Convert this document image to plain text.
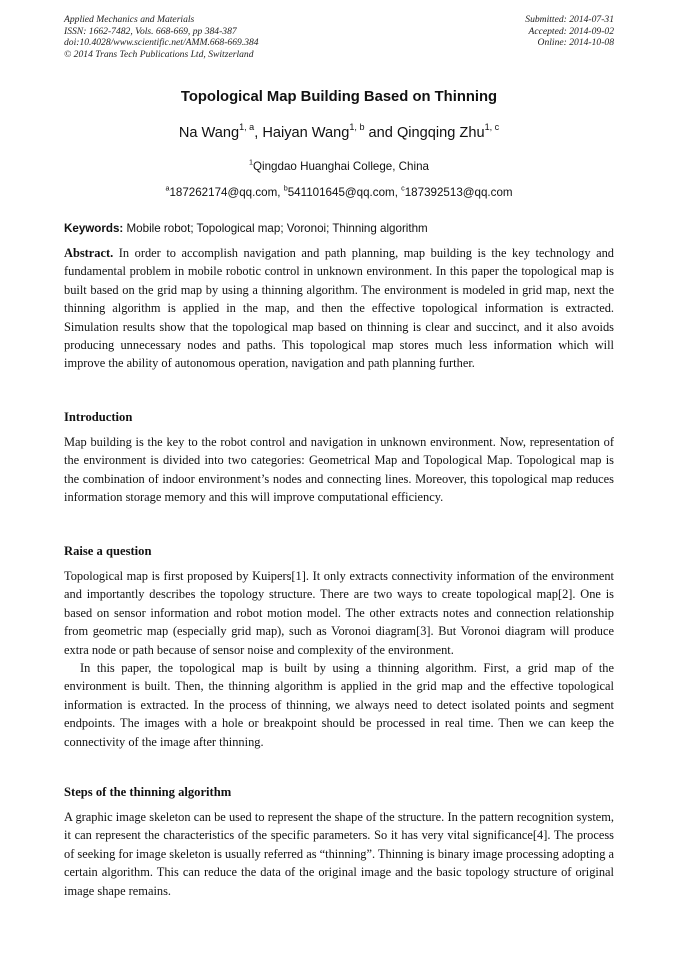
Applied Mechanics and Materials
ISSN: 1662-7482, Vols. 668-669, pp 384-387
doi:10.4028/www.scientific.net/AMM.668-669.384
© 2014 Trans Tech Publications Ltd, Switzerland
Submitted: 2014-07-31
Accepted: 2014-09-02
Online: 2014-10-08
Topological Map Building Based on Thinning
Na Wang$^{1, a}$, Haiyan Wang$^{1, b}$ and Qingqing Zhu$^{1, c}$
$^1$Qingdao Huanghai College, China
$^a$187262174@qq.com, $^b$541101645@qq.com, $^c$187392513@qq.com
Keywords: Mobile robot; Topological map; Voronoi; Thinning algorithm

Abstract. In order to accomplish navigation and path planning, map building is the key technology and fundamental problem in mobile robotic control in unknown environment. In this paper the topological map is built based on the grid map by using a thinning algorithm. The environment is modeled in grid map, next the thinning algorithm is applied in the map, and then the effective topological information is extracted. Simulation results show that the topological map based on thinning is clear and succinct, and it also avoids producing unnecessary nodes and paths. This topological map stores much less information which will improve the ability of autonomous operation, navigation and path planning further.

Introduction

Map building is the key to the robot control and navigation in unknown environment. Now, representation of the environment is divided into two categories: Geometrical Map and Topological Map. Topological map is the combination of indoor environment’s nodes and connecting lines. Moreover, this topological map reduces information storage memory and this will improve computational efficiency.

Raise a question

Topological map is first proposed by Kuipers[1]. It only extracts connectivity information of the environment and importantly describes the topology structure. There are two ways to create topological map[2]. One is based on sensor information and robot motion model. The other extracts notes and connection relationship from geometric map (especially grid map), such as Voronoi diagram[3]. But Voronoi diagram will produce extra node or path because of sensor noise and complexity of the environment.

In this paper, the topological map is built by using a thinning algorithm. First, a grid map of the environment is built. Then, the thinning algorithm is applied in the grid map and the effective topological information is extracted. In the process of thinning, we always need to detect isolated points and segment endpoints. The images with a hole or breakpoint should be processed in real time. Then we can keep the connectivity of the image after thinning.

Steps of the thinning algorithm

A graphic image skeleton can be used to represent the shape of the structure. In the pattern recognition system, it can represent the characteristics of the specific parameters. So it has very vital significance[4]. The process of seeking for image skeleton is usually referred as “thinning”. Thinning is binary image processing adopting a certain algorithm. This can reduce the data of the original image and the basic topology structure of original image shape remains.
